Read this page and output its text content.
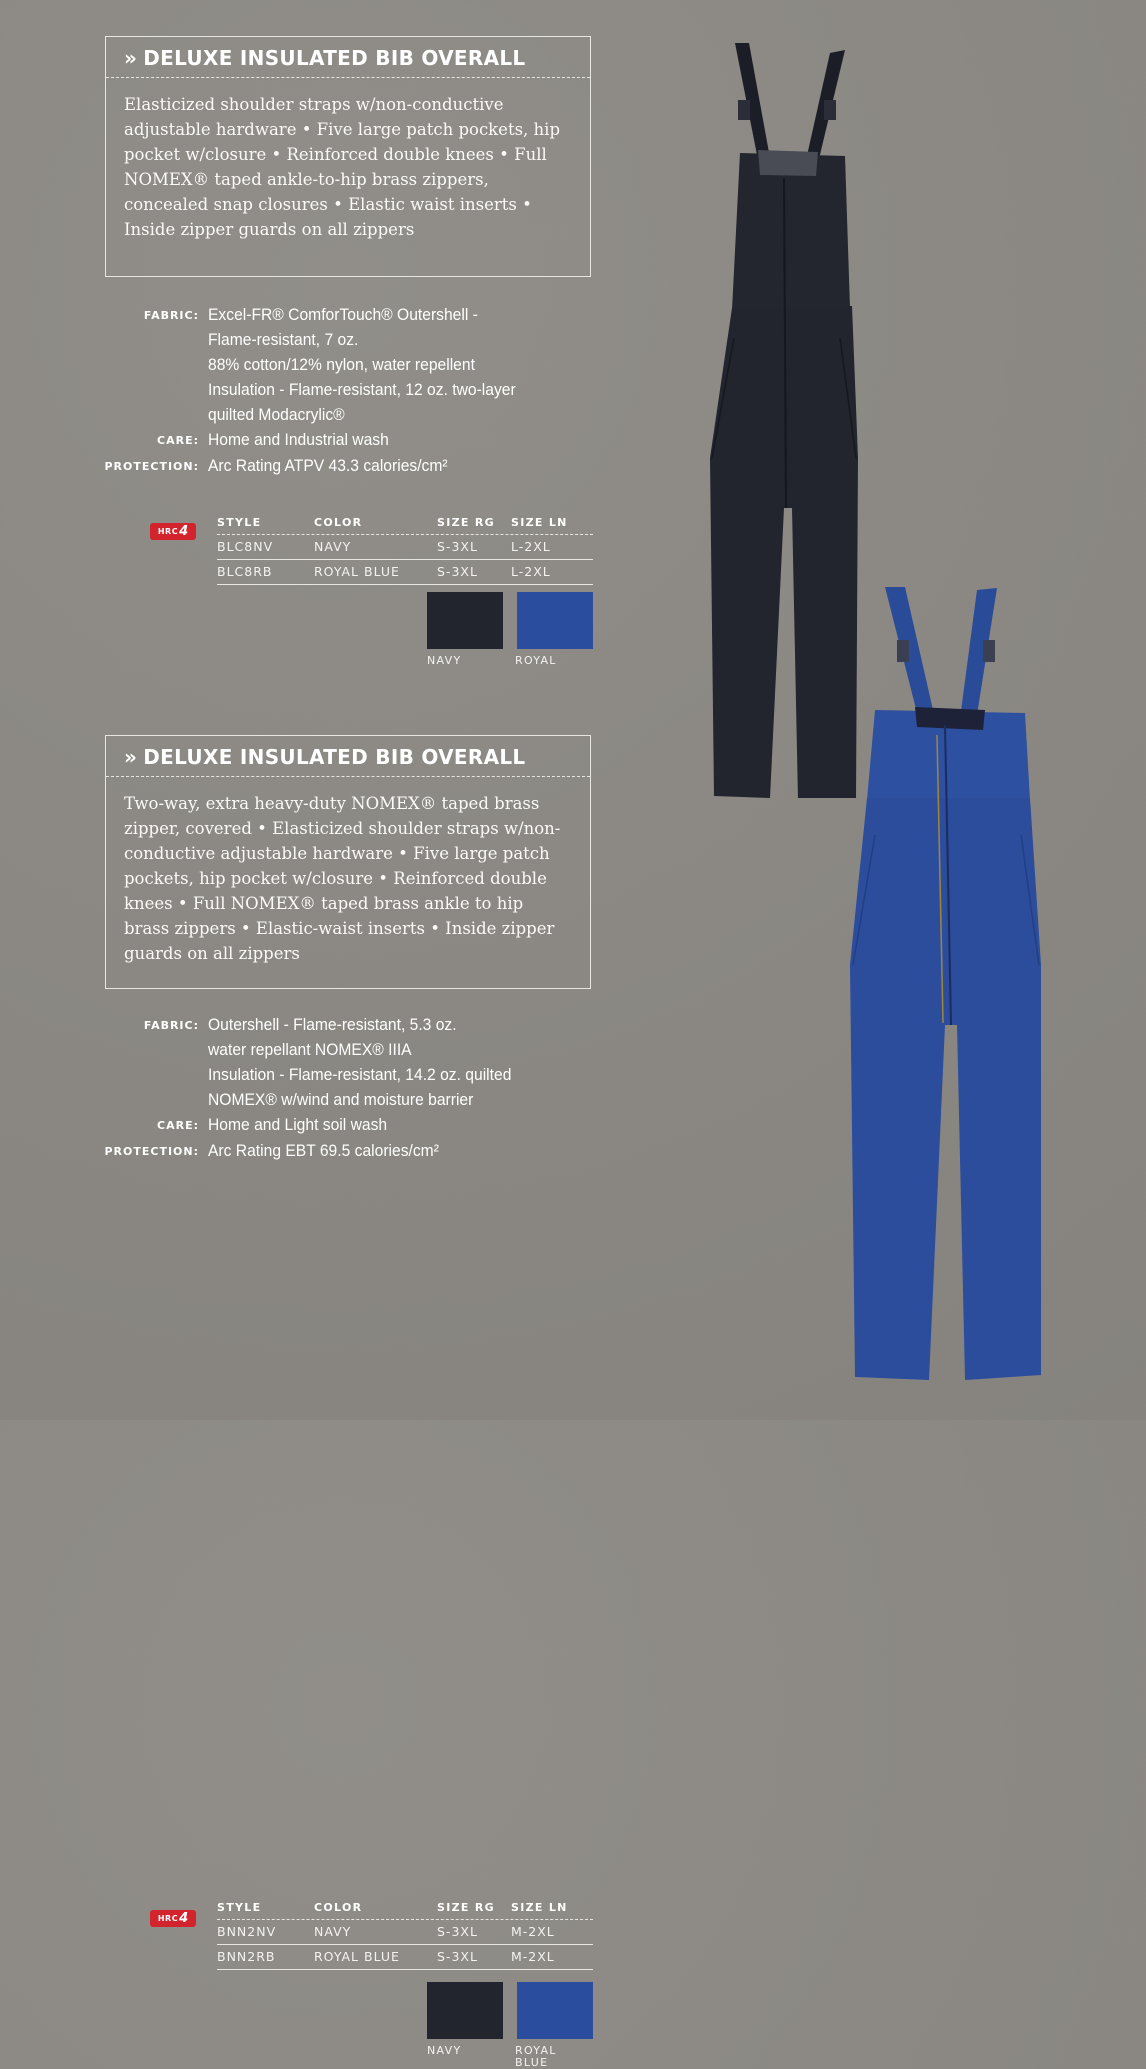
» DELUXE INSULATED BIB OVERALL
Elasticized shoulder straps w/non-conductive adjustable hardware • Five large patch pockets, hip pocket w/closure • Reinforced double knees • Full NOMEX® taped ankle-to-hip brass zippers, concealed snap closures • Elastic waist inserts • Inside zipper guards on all zippers
FABRIC: Excel-FR® ComforTouch® Outershell -
Flame-resistant, 7 oz.
88% cotton/12% nylon, water repellent
Insulation - Flame-resistant, 12 oz. two-layer
quilted Modacrylic®
CARE: Home and Industrial wash
PROTECTION: Arc Rating ATPV 43.3 calories/cm²
HRC 4
STYLE	COLOR	SIZE RG	SIZE LN
BLC8NV	NAVY	S-3XL	L-2XL
BLC8RB	ROYAL BLUE	S-3XL	L-2XL
NAVY	ROYAL
» DELUXE INSULATED BIB OVERALL
Two-way, extra heavy-duty NOMEX® taped brass zipper, covered • Elasticized shoulder straps w/non-conductive adjustable hardware • Five large patch pockets, hip pocket w/closure • Reinforced double knees • Full NOMEX® taped brass ankle to hip brass zippers • Elastic-waist inserts • Inside zipper guards on all zippers
FABRIC: Outershell - Flame-resistant, 5.3 oz.
water repellant NOMEX® IIIA
Insulation - Flame-resistant, 14.2 oz. quilted
NOMEX® w/wind and moisture barrier
CARE: Home and Light soil wash
PROTECTION: Arc Rating EBT 69.5 calories/cm²
HRC 4
STYLE	COLOR	SIZE RG	SIZE LN
BNN2NV	NAVY	S-3XL	M-2XL
BNN2RB	ROYAL BLUE	S-3XL	M-2XL
NAVY	ROYAL BLUE
